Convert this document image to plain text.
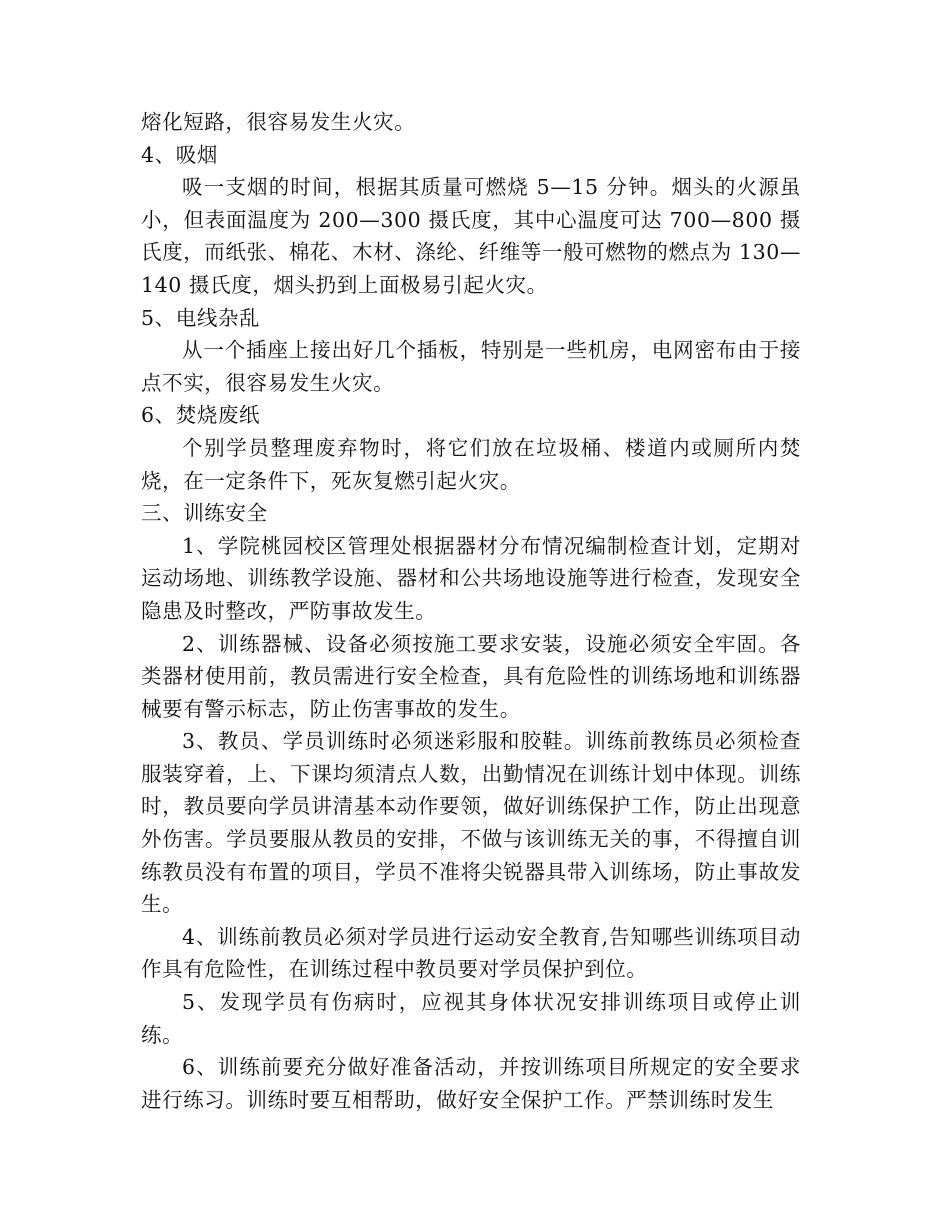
熔化短路，很容易发生火灾。

4、吸烟

吸一支烟的时间，根据其质量可燃烧 5—15 分钟。烟头的火源虽小，但表面温度为 200—300 摄氏度，其中心温度可达 700—800 摄氏度，而纸张、棉花、木材、涤纶、纤维等一般可燃物的燃点为 130—140 摄氏度，烟头扔到上面极易引起火灾。

5、电线杂乱

从一个插座上接出好几个插板，特别是一些机房，电网密布由于接点不实，很容易发生火灾。

6、焚烧废纸

个别学员整理废弃物时，将它们放在垃圾桶、楼道内或厕所内焚烧，在一定条件下，死灰复燃引起火灾。

三、训练安全

1、学院桃园校区管理处根据器材分布情况编制检查计划，定期对运动场地、训练教学设施、器材和公共场地设施等进行检查，发现安全隐患及时整改，严防事故发生。

2、训练器械、设备必须按施工要求安装，设施必须安全牢固。各类器材使用前，教员需进行安全检查，具有危险性的训练场地和训练器械要有警示标志，防止伤害事故的发生。

3、教员、学员训练时必须迷彩服和胶鞋。训练前教练员必须检查服装穿着，上、下课均须清点人数，出勤情况在训练计划中体现。训练时，教员要向学员讲清基本动作要领，做好训练保护工作，防止出现意外伤害。学员要服从教员的安排，不做与该训练无关的事，不得擅自训练教员没有布置的项目，学员不准将尖锐器具带入训练场，防止事故发生。

4、训练前教员必须对学员进行运动安全教育,告知哪些训练项目动作具有危险性，在训练过程中教员要对学员保护到位。

5、发现学员有伤病时，应视其身体状况安排训练项目或停止训练。

6、训练前要充分做好准备活动，并按训练项目所规定的安全要求进行练习。训练时要互相帮助，做好安全保护工作。严禁训练时发生
